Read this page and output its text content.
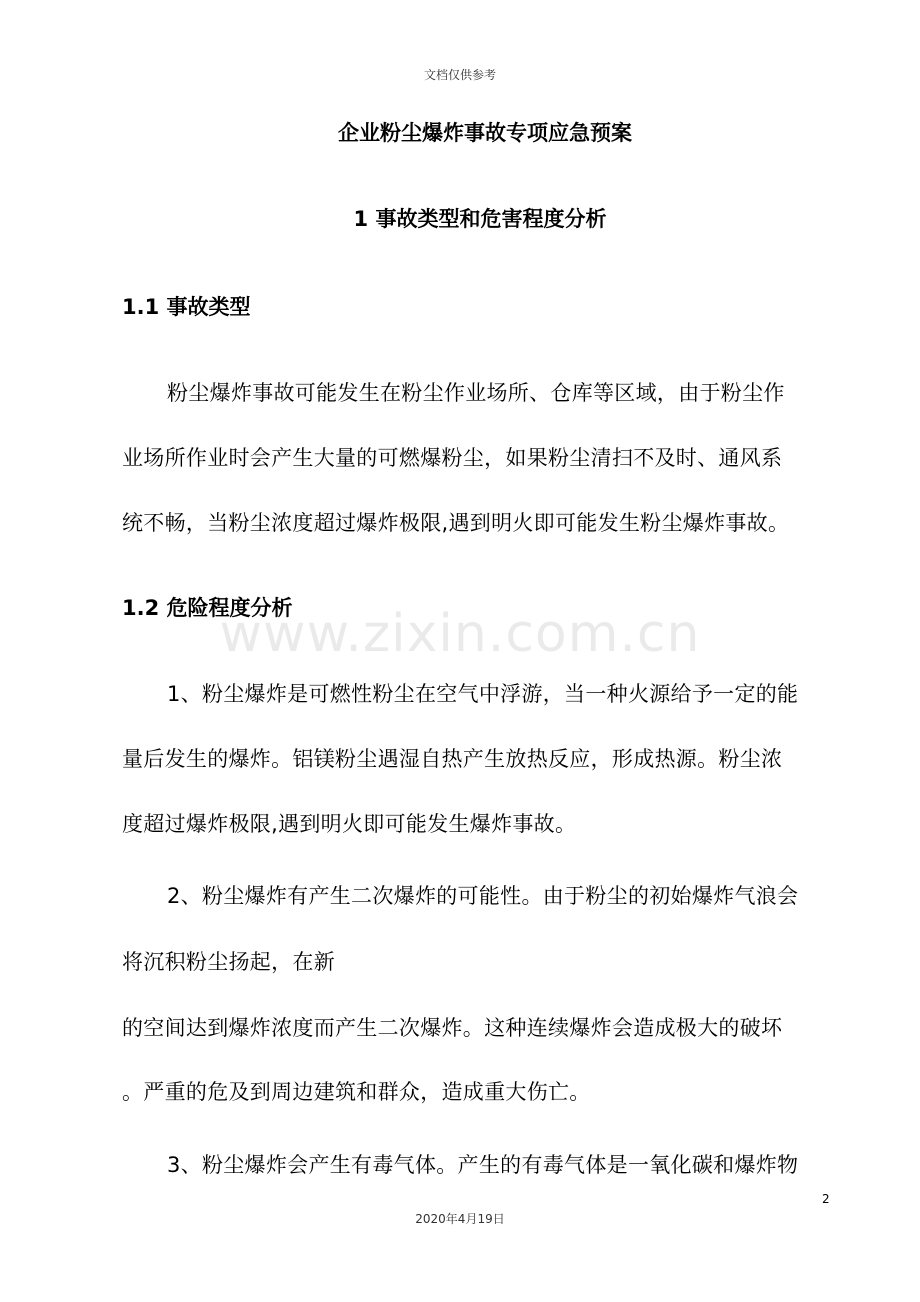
文档仅供参考
企业粉尘爆炸事故专项应急预案
1 事故类型和危害程度分析
1.1 事故类型
粉尘爆炸事故可能发生在粉尘作业场所、仓库等区域，由于粉尘作
业场所作业时会产生大量的可燃爆粉尘，如果粉尘清扫不及时、通风系
统不畅，当粉尘浓度超过爆炸极限,遇到明火即可能发生粉尘爆炸事故。
1.2 危险程度分析
www.zixin.com.cn
1、粉尘爆炸是可燃性粉尘在空气中浮游，当一种火源给予一定的能
量后发生的爆炸。铝镁粉尘遇湿自热产生放热反应，形成热源。粉尘浓
度超过爆炸极限,遇到明火即可能发生爆炸事故。
2、粉尘爆炸有产生二次爆炸的可能性。由于粉尘的初始爆炸气浪会
将沉积粉尘扬起，在新
的空间达到爆炸浓度而产生二次爆炸。这种连续爆炸会造成极大的破坏
。严重的危及到周边建筑和群众，造成重大伤亡。
3、粉尘爆炸会产生有毒气体。产生的有毒气体是一氧化碳和爆炸物
2
2020年4月19日
